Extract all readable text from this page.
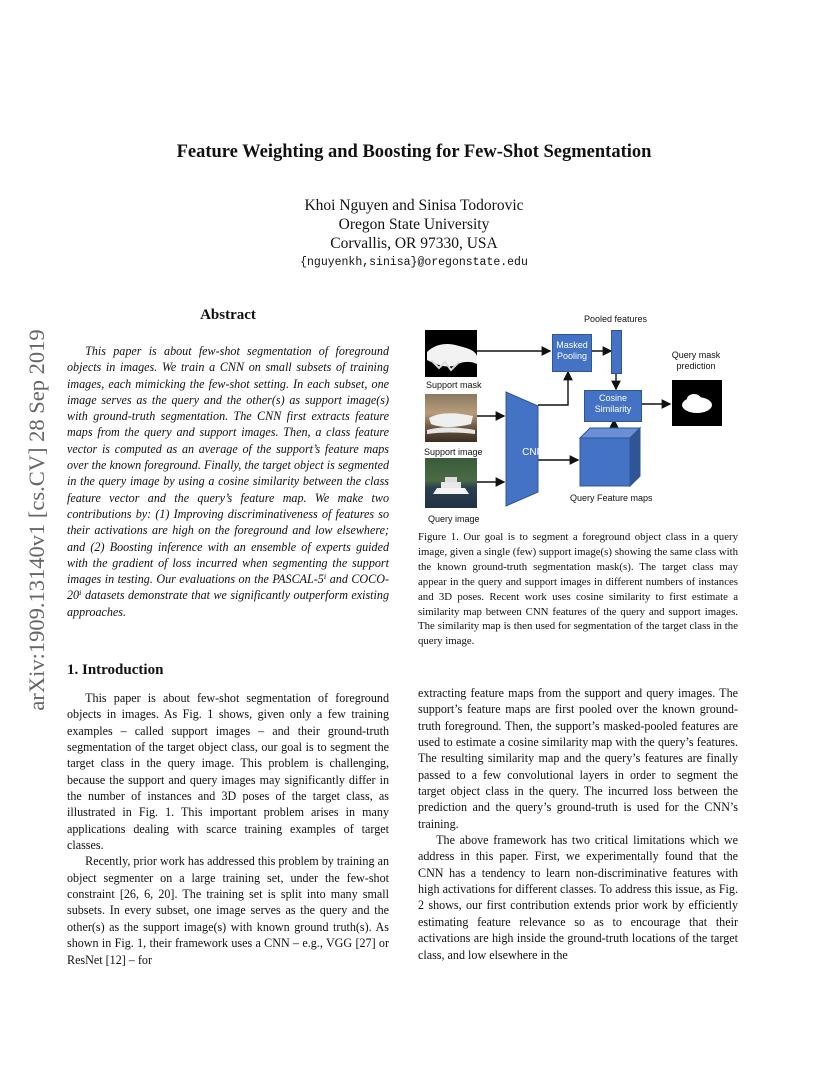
arXiv:1909.13140v1 [cs.CV] 28 Sep 2019
Feature Weighting and Boosting for Few-Shot Segmentation
Khoi Nguyen and Sinisa Todorovic
Oregon State University
Corvallis, OR 97330, USA
{nguyenkh,sinisa}@oregonstate.edu
Abstract

This paper is about few-shot segmentation of foreground objects in images. We train a CNN on small subsets of training images, each mimicking the few-shot setting. In each subset, one image serves as the query and the other(s) as support image(s) with ground-truth segmentation. The CNN first extracts feature maps from the query and support images. Then, a class feature vector is computed as an average of the support’s feature maps over the known foreground. Finally, the target object is segmented in the query image by using a cosine similarity between the class feature vector and the query’s feature map. We make two contributions by: (1) Improving discriminativeness of features so their activations are high on the foreground and low elsewhere; and (2) Boosting inference with an ensemble of experts guided with the gradient of loss incurred when segmenting the support images in testing. Our evaluations on the PASCAL-5ⁱ and COCO-20ⁱ datasets demonstrate that we significantly outperform existing approaches.

Masked Pooling
Cosine Similarity
Pooled features
Query mask prediction
Support mask
Support image	CNN
Query Feature maps
Query image

Figure 1. Our goal is to segment a foreground object class in a query image, given a single (few) support image(s) showing the same class with the known ground-truth segmentation mask(s). The target class may appear in the query and support images in different numbers of instances and 3D poses. Recent work uses cosine similarity to first estimate a similarity map between CNN features of the query and support images. The similarity map is then used for segmentation of the target class in the query image.

1. Introduction

This paper is about few-shot segmentation of foreground objects in images. As Fig. 1 shows, given only a few training examples – called support images – and their ground-truth segmentation of the target object class, our goal is to segment the target class in the query image. This problem is challenging, because the support and query images may significantly differ in the number of instances and 3D poses of the target class, as illustrated in Fig. 1. This important problem arises in many applications dealing with scarce training examples of target classes.

Recently, prior work has addressed this problem by training an object segmenter on a large training set, under the few-shot constraint [26, 6, 20]. The training set is split into many small subsets. In every subset, one image serves as the query and the other(s) as the support image(s) with known ground truth(s). As shown in Fig. 1, their framework uses a CNN – e.g., VGG [27] or ResNet [12] – for

extracting feature maps from the support and query images. The support’s feature maps are first pooled over the known ground-truth foreground. Then, the support’s masked-pooled features are used to estimate a cosine similarity map with the query’s features. The resulting similarity map and the query’s features are finally passed to a few convolutional layers in order to segment the target object class in the query. The incurred loss between the prediction and the query’s ground-truth is used for the CNN’s training.

The above framework has two critical limitations which we address in this paper. First, we experimentally found that the CNN has a tendency to learn non-discriminative features with high activations for different classes. To address this issue, as Fig. 2 shows, our first contribution extends prior work by efficiently estimating feature relevance so as to encourage that their activations are high inside the ground-truth locations of the target class, and low elsewhere in the
